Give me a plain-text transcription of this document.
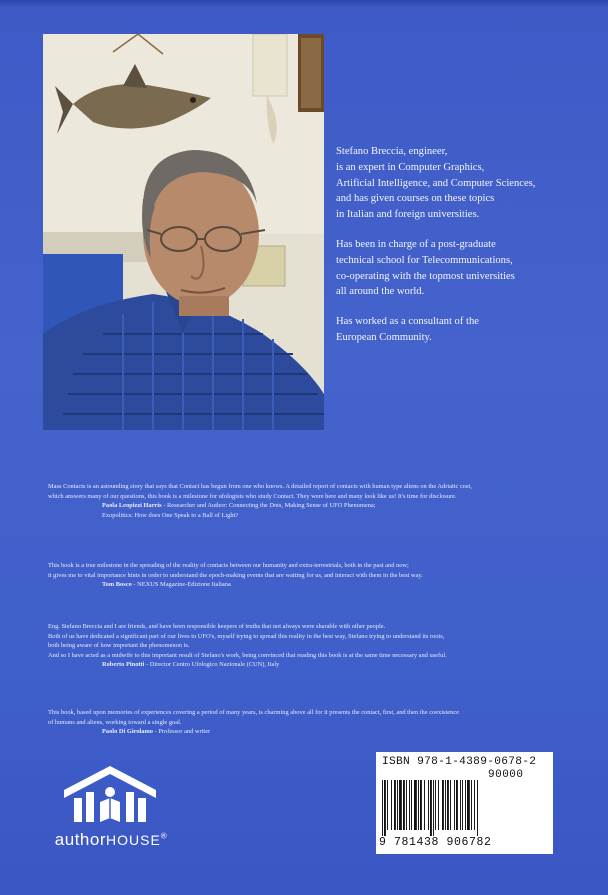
Stefano Breccia, engineer,
is an expert in Computer Graphics,
Artificial Intelligence, and Computer Sciences,
and has given courses on these topics
in Italian and foreign universities.

Has been in charge of a post-graduate
technical school for Telecommunications,
co-operating with the topmost universities
all around the world.

Has worked as a consultant of the
European Community.

Mass Contacts is an astounding story that says that Contact has begun from one who knows. A detailed report of contacts with human type aliens on the Adriatic cost,
which answers many of our questions, this book is a milestone for ufologists who study Contact. They were here and many look like us! It's time for disclosure.
Paola Leopizzi Harris - Researcher and Author: Connecting the Dots, Making Sense of UFO Phenomena;
Exopolitics: How does One Speak to a Ball of Light?
This book is a true milestone in the spreading of the reality of contacts between our humanity and extra-terrestrials, both in the past and now;
it gives me to vital importance hints in order to understand the epoch-making events that are waiting for us, and interact with them in the best way.
Tom Bosco - NEXUS Magazine-Edizione Italiana
Eng. Stefano Breccia and I are friends, and have been responsible keepers of truths that not always were sharable with other people.
Both of us have dedicated a significant part of our lives to UFO's, myself trying to spread this reality in the best way, Stefano trying to understand its roots,
both being aware of how important the phenomenon is.
And so I have acted as a midwife to this important result of Stefano's work, being convinced that reading this book is at the same time necessary and useful.
Roberto Pinotti - Director Centro Ufologico Nazionale (CUN), Italy
This book, based upon memories of experiences covering a period of many years, is charming above all for it presents the contact, first, and then the coexistence
of humans and aliens, working toward a single goal.
Paolo Di Girolamo - Professor and writer
authorHOUSE®
ISBN 978-1-4389-0678-2
90000
9 781438 906782
